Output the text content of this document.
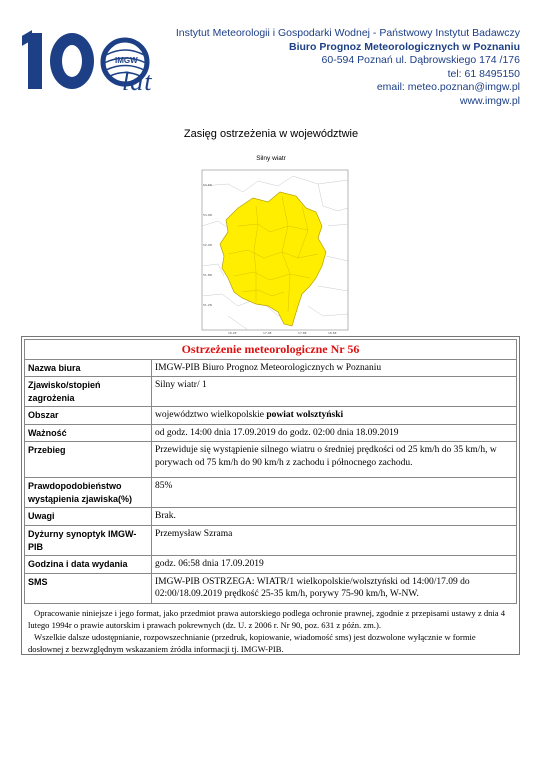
IMGW
lat
Instytut Meteorologii i Gospodarki Wodnej - Państwowy Instytut Badawczy
Biuro Prognoz Meteorologicznych w Poznaniu
60-594 Poznań ul. Dąbrowskiego 174 /176
tel: 61 8495150
email: meteo.poznan@imgw.pl
www.imgw.pl
Zasięg ostrzeżenia w województwie
Silny wiatr
53.6N
53.0N
52.4N
51.8N
51.2N
16.2E	17.0E	17.8E	18.6E
Ostrzeżenie meteorologiczne Nr 56	
Nazwa biura	IMGW-PIB Biuro Prognoz Meteorologicznych w Poznaniu
Zjawisko/stopień zagrożenia	Silny wiatr/ 1
Obszar	województwo wielkopolskie powiat wolsztyński
Ważność	od godz. 14:00 dnia 17.09.2019 do godz. 02:00 dnia 18.09.2019
Przebieg	Przewiduje się wystąpienie silnego wiatru o średniej prędkości od 25 km/h do 35 km/h, w porywach od 75 km/h do 90 km/h z zachodu i północnego zachodu.
Prawdopodobieństwo wystąpienia zjawiska(%)	85%
Uwagi	Brak.
Dyżurny synoptyk IMGW-PIB	Przemysław Szrama
Godzina i data wydania	godz. 06:58 dnia 17.09.2019
SMS	IMGW-PIB OSTRZEGA: WIATR/1 wielkopolskie/wolsztyński od 14:00/17.09 do 02:00/18.09.2019 prędkość 25-35 km/h, porywy 75-90 km/h, W-NW.

Opracowanie niniejsze i jego format, jako przedmiot prawa autorskiego podlega ochronie prawnej, zgodnie z przepisami ustawy z dnia 4 lutego 1994r o prawie autorskim i prawach pokrewnych (dz. U. z 2006 r. Nr 90, poz. 631 z późn. zm.).

Wszelkie dalsze udostępnianie, rozpowszechnianie (przedruk, kopiowanie, wiadomość sms) jest dozwolone wyłącznie w formie dosłownej z bezwzględnym wskazaniem źródła informacji tj. IMGW-PIB.
